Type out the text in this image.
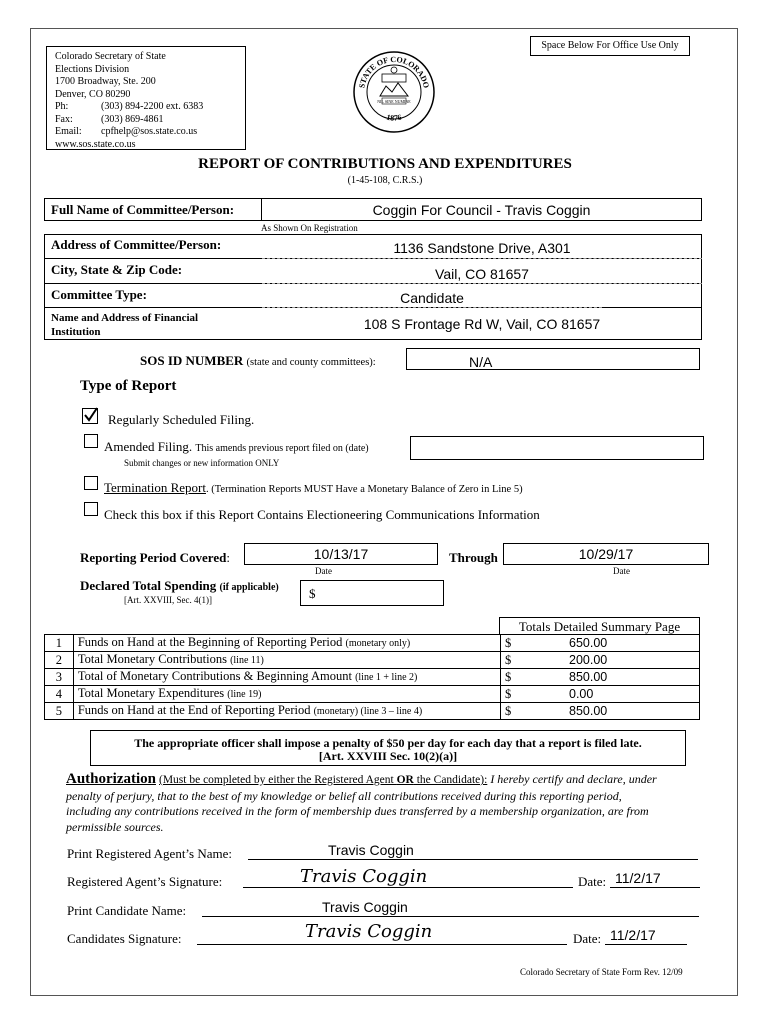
Space Below For Office Use Only
Colorado Secretary of State
Elections Division
1700 Broadway, Ste. 200
Denver, CO 80290
Ph:	(303) 894-2200 ext. 6383
Fax:	(303) 869-4861
Email: cpfhelp@sos.state.co.us
www.sos.state.co.us
STATE OF COLORADO
1876
NIL SINE NUMINE
REPORT OF CONTRIBUTIONS AND EXPENDITURES
(1-45-108, C.R.S.)
Full Name of Committee/Person:	Coggin For Council - Travis Coggin
As Shown On Registration
Address of Committee/Person:	1136 Sandstone Drive, A301
City, State & Zip Code:	Vail, CO 81657
Committee Type:	Candidate
Name and Address of Financial
Institution	108 S Frontage Rd W, Vail, CO 81657
SOS ID NUMBER (state and county committees):	N/A
Type of Report
Regularly Scheduled Filing.
Amended Filing. This amends previous report filed on (date)
Submit changes or new information ONLY
Termination Report. (Termination Reports MUST Have a Monetary Balance of Zero in Line 5)
Check this box if this Report Contains Electioneering Communications Information
Reporting Period Covered:	10/13/17
Date
Through	10/29/17
Date
Declared Total Spending (if applicable)
[Art. XXVIII, Sec. 4(1)]	$
Totals Detailed Summary Page
1	Funds on Hand at the Beginning of Reporting Period (monetary only)	$ 650.00

2	Total Monetary Contributions (line 11)	$ 200.00

3	Total of Monetary Contributions & Beginning Amount (line 1 + line 2)	$ 850.00

4	Total Monetary Expenditures (line 19)	$ 0.00

5	Funds on Hand at the End of Reporting Period (monetary) (line 3 – line 4)	$ 850.00
The appropriate officer shall impose a penalty of $50 per day for each day that a report is filed late.
[Art. XXVIII Sec. 10(2)(a)]
Authorization (Must be completed by either the Registered Agent OR the Candidate): I hereby certify and declare, under
penalty of perjury, that to the best of my knowledge or belief all contributions received during this reporting period,
including any contributions received in the form of membership dues transferred by a membership organization, are from
permissible sources.
Print Registered Agent’s Name:	Travis Coggin
Registered Agent’s Signature:	Travis Coggin	Date: 11/2/17
Print Candidate Name:	Travis Coggin
Candidates Signature:	Travis Coggin	Date: 11/2/17
Colorado Secretary of State Form Rev. 12/09
